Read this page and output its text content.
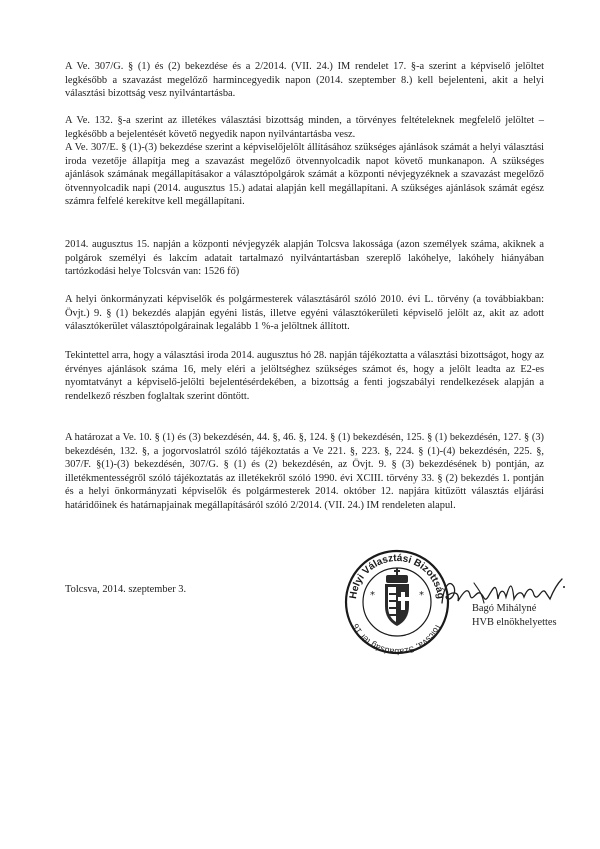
A Ve. 307/G. § (1) és (2) bekezdése és a 2/2014. (VII. 24.) IM rendelet 17. §-a szerint a képviselő jelöltet legkésőbb a szavazást megelőző harmincegyedik napon (2014. szeptember 8.) kell bejelenteni, akit a helyi választási bizottság vesz nyilvántartásba.

A Ve. 132. §-a szerint az illetékes választási bizottság minden, a törvényes feltételeknek megfelelő jelöltet – legkésőbb a bejelentését követő negyedik napon nyilvántartásba vesz.

A Ve. 307/E. § (1)-(3) bekezdése szerint a képviselőjelölt állításához szükséges ajánlások számát a helyi választási iroda vezetője állapítja meg a szavazást megelőző ötvennyolcadik napot követő munkanapon. A szükséges ajánlások számának megállapításakor a választópolgárok számát a központi névjegyzéknek a szavazást megelőző ötvennyolcadik napi (2014. augusztus 15.) adatai alapján kell megállapítani. A szükséges ajánlások számát egész számra felfelé kerekítve kell megállapítani.

2014. augusztus 15. napján a központi névjegyzék alapján Tolcsva lakossága (azon személyek száma, akiknek a polgárok személyi és lakcím adatait tartalmazó nyilvántartásban szereplő lakóhelye, lakóhely hiányában tartózkodási helye Tolcsván van: 1526 fő)

A helyi önkormányzati képviselők és polgármesterek választásáról szóló 2010. évi L. törvény (a továbbiakban: Övjt.) 9. § (1) bekezdés alapján egyéni listás, illetve egyéni választókerületi képviselő jelölt az, akit az adott választókerület választópolgárainak legalább 1 %-a jelöltnek állított.

Tekintettel arra, hogy a választási iroda 2014. augusztus hó 28. napján tájékoztatta a választási bizottságot, hogy az érvényes ajánlások száma 16, mely eléri a jelöltséghez szükséges számot és, hogy a jelölt leadta az E2-es nyomtatványt a képviselő-jelölti bejelentésérdekében, a bizottság a fenti jogszabályi rendelkezések alapján a rendelkező részben foglaltak szerint döntött.

A határozat a Ve. 10. § (1) és (3) bekezdésén, 44. §, 46. §, 124. § (1) bekezdésén, 125. § (1) bekezdésén, 127. § (3) bekezdésén, 132. §, a jogorvoslatról szóló tájékoztatás a Ve 221. §, 223. §, 224. § (1)-(4) bekezdésén, 225. §, 307/F. §(1)-(3) bekezdésén, 307/G. § (1) és (2) bekezdésén, az Övjt. 9. § (3) bekezdésének b) pontján, az illetékmentességről szóló tájékoztatás az illetékekről szóló 1990. évi XCIII. törvény 33. § (2) bekezdés 1. pontján és a helyi önkormányzati képviselők és polgármesterek 2014. október 12. napjára kitűzött választás eljárási határidőinek és határnapjainak megállapításáról szóló 2/2014. (VII. 24.) IM rendeleten alapul.

Tolcsva, 2014. szeptember 3.
Helyi Választási Bizottság
Tolcsva, Szabadság tér 16
*	*
Bagó Mihályné
HVB elnökhelyettes
